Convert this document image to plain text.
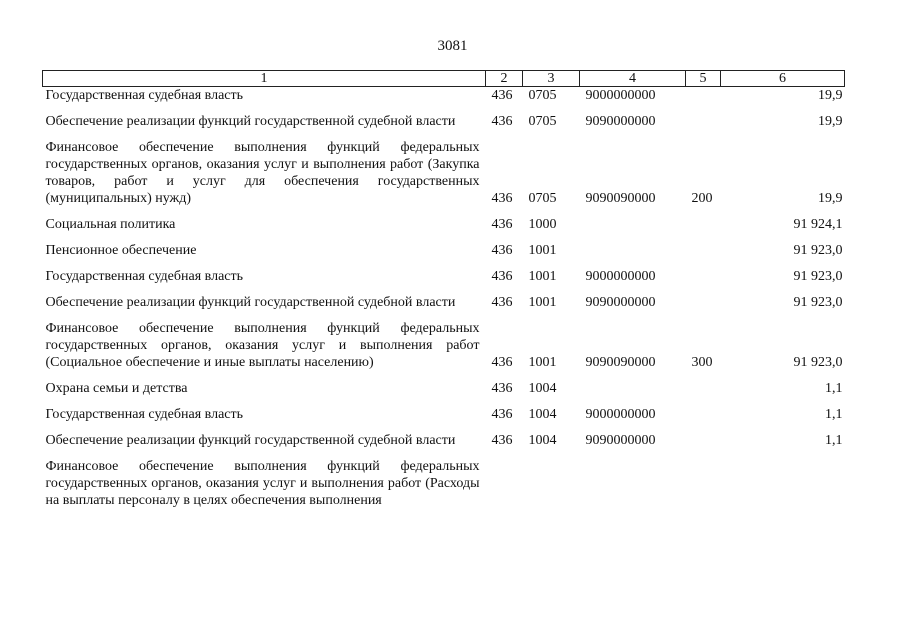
3081
1	2	3	4	5	6
Государственная судебная власть	436	0705	9000000000		19,9

Обеспечение реализации функций государственной судебной власти	436	0705	9090000000		19,9

Финансовое обеспечение выполнения функций федеральных государственных органов, оказания услуг и выполнения работ (Закупка товаров, работ и услуг для обеспечения государственных (муниципальных) нужд)	436	0705	9090090000	200	19,9

Социальная политика	436	1000			91 924,1

Пенсионное обеспечение	436	1001			91 923,0

Государственная судебная власть	436	1001	9000000000		91 923,0

Обеспечение реализации функций государственной судебной власти	436	1001	9090000000		91 923,0

Финансовое обеспечение выполнения функций федеральных государственных органов, оказания услуг и выполнения работ (Социальное обеспечение и иные выплаты населению)	436	1001	9090090000	300	91 923,0

Охрана семьи и детства	436	1004			1,1

Государственная судебная власть	436	1004	9000000000		1,1

Обеспечение реализации функций государственной судебной власти	436	1004	9090000000		1,1

Финансовое обеспечение выполнения функций федеральных государственных органов, оказания услуг и выполнения работ (Расходы на выплаты персоналу в целях обеспечения выполнения					
